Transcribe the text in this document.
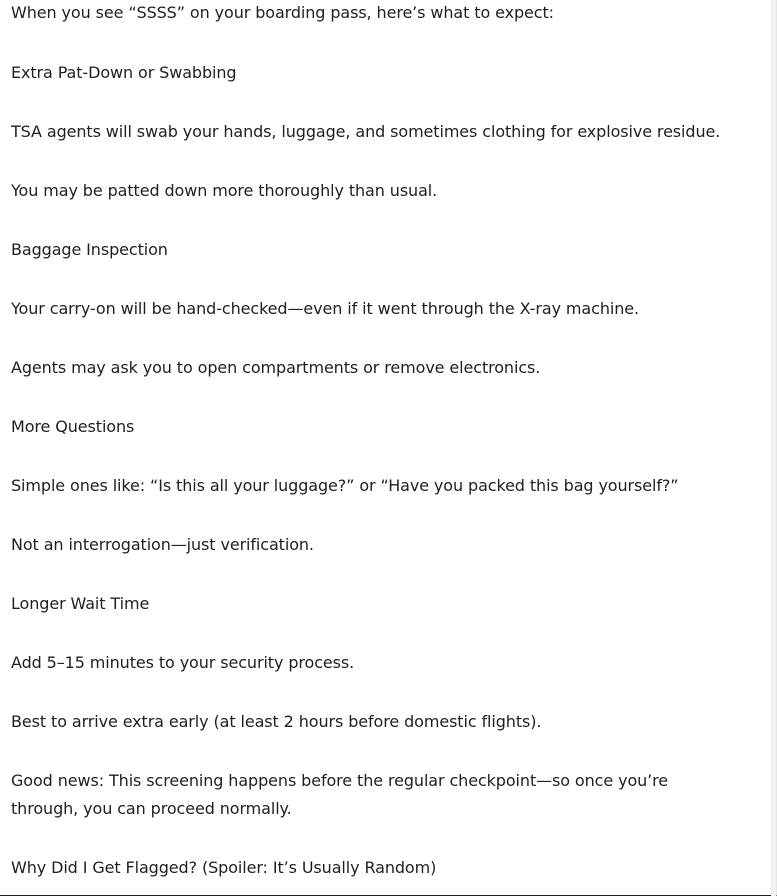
When you see “SSSS” on your boarding pass, here’s what to expect:

Extra Pat-Down or Swabbing

TSA agents will swab your hands, luggage, and sometimes clothing for explosive residue.

You may be patted down more thoroughly than usual.

Baggage Inspection

Your carry-on will be hand-checked—even if it went through the X-ray machine.

Agents may ask you to open compartments or remove electronics.

More Questions

Simple ones like: “Is this all your luggage?” or “Have you packed this bag yourself?”

Not an interrogation—just verification.

Longer Wait Time

Add 5–15 minutes to your security process.

Best to arrive extra early (at least 2 hours before domestic flights).

Good news: This screening happens before the regular checkpoint—so once you’re through, you can proceed normally.

Why Did I Get Flagged? (Spoiler: It’s Usually Random)
